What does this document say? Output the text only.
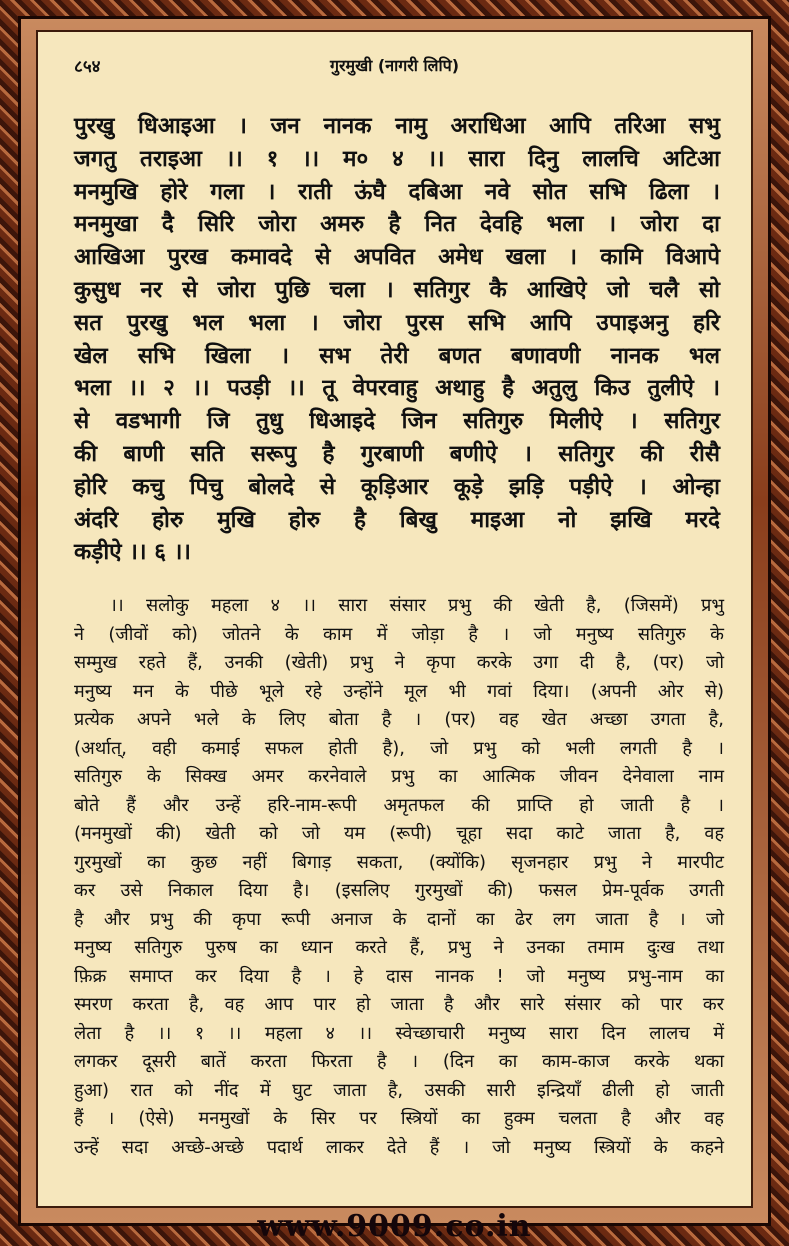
८५४	गुरमुखी (नागरी लिपि)
पुरखु धिआइआ । जन नानक नामु अराधिआ आपि तरिआ सभु
जगतु तराइआ ।। १ ।। म० ४ ।। सारा दिनु लालचि अटिआ
मनमुखि होरे गला । राती ऊंघै दबिआ नवे सोत सभि ढिला ।
मनमुखा दै सिरि जोरा अमरु है नित देवहि भला । जोरा दा
आखिआ पुरख कमावदे से अपवित अमेध खला । कामि विआपे
कुसुध नर से जोरा पुछि चला । सतिगुर कै आखिऐ जो चलै सो
सत पुरखु भल भला । जोरा पुरस सभि आपि उपाइअनु हरि
खेल सभि खिला । सभ तेरी बणत बणावणी नानक भल
भला ।। २ ।। पउड़ी ।। तू वेपरवाहु अथाहु है अतुलु किउ तुलीऐ ।
से वडभागी जि तुधु धिआइदे जिन सतिगुरु मिलीऐ । सतिगुर
की बाणी सति सरूपु है गुरबाणी बणीऐ । सतिगुर की रीसै
होरि कचु पिचु बोलदे से कूड़िआर कूड़े झड़ि पड़ीऐ । ओन्हा
अंदरि होरु मुखि होरु है बिखु माइआ नो झखि मरदे
कड़ीऐ ।। ६ ।।
।। सलोकु महला ४ ।। सारा संसार प्रभु की खेती है, (जिसमें) प्रभु
ने (जीवों को) जोतने के काम में जोड़ा है । जो मनुष्य सतिगुरु के
सम्मुख रहते हैं, उनकी (खेती) प्रभु ने कृपा करके उगा दी है, (पर) जो
मनुष्य मन के पीछे भूले रहे उन्होंने मूल भी गवां दिया। (अपनी ओर से)
प्रत्येक अपने भले के लिए बोता है । (पर) वह खेत अच्छा उगता है,
(अर्थात्, वही कमाई सफल होती है), जो प्रभु को भली लगती है ।
सतिगुरु के सिक्ख अमर करनेवाले प्रभु का आत्मिक जीवन देनेवाला नाम
बोते हैं और उन्हें हरि-नाम-रूपी अमृतफल की प्राप्ति हो जाती है ।
(मनमुखों की) खेती को जो यम (रूपी) चूहा सदा काटे जाता है, वह
गुरमुखों का कुछ नहीं बिगाड़ सकता, (क्योंकि) सृजनहार प्रभु ने मारपीट
कर उसे निकाल दिया है। (इसलिए गुरमुखों की) फसल प्रेम-पूर्वक उगती
है और प्रभु की कृपा रूपी अनाज के दानों का ढेर लग जाता है । जो
मनुष्य सतिगुरु पुरुष का ध्यान करते हैं, प्रभु ने उनका तमाम दुःख तथा
फ़िक्र समाप्त कर दिया है । हे दास नानक ! जो मनुष्य प्रभु-नाम का
स्मरण करता है, वह आप पार हो जाता है और सारे संसार को पार कर
लेता है ।। १ ।। महला ४ ।। स्वेच्छाचारी मनुष्य सारा दिन लालच में
लगकर दूसरी बातें करता फिरता है । (दिन का काम-काज करके थका
हुआ) रात को नींद में घुट जाता है, उसकी सारी इन्द्रियाँ ढीली हो जाती
हैं । (ऐसे) मनमुखों के सिर पर स्त्रियों का हुक्म चलता है और वह
उन्हें सदा अच्छे-अच्छे पदार्थ लाकर देते हैं । जो मनुष्य स्त्रियों के कहने
www.9009.co.in
